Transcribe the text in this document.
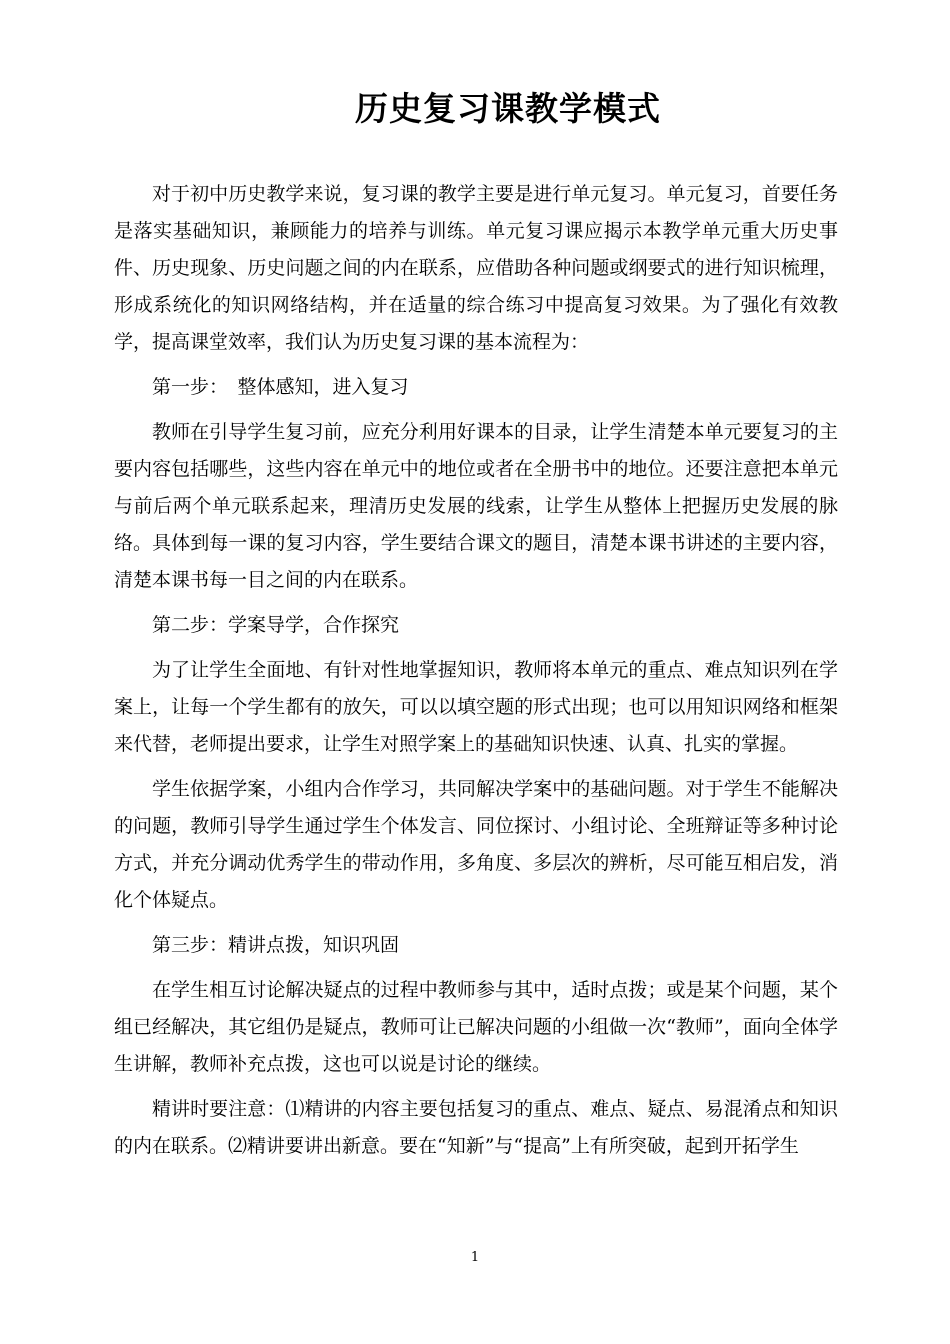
历史复习课教学模式

对于初中历史教学来说，复习课的教学主要是进行单元复习。单元复习，首要任务是落实基础知识，兼顾能力的培养与训练。单元复习课应揭示本教学单元重大历史事件、历史现象、历史问题之间的内在联系，应借助各种问题或纲要式的进行知识梳理，形成系统化的知识网络结构，并在适量的综合练习中提高复习效果。为了强化有效教学，提高课堂效率，我们认为历史复习课的基本流程为：

第一步：　整体感知，进入复习

教师在引导学生复习前，应充分利用好课本的目录，让学生清楚本单元要复习的主要内容包括哪些，这些内容在单元中的地位或者在全册书中的地位。还要注意把本单元与前后两个单元联系起来，理清历史发展的线索，让学生从整体上把握历史发展的脉络。具体到每一课的复习内容，学生要结合课文的题目，清楚本课书讲述的主要内容，清楚本课书每一目之间的内在联系。

第二步：学案导学，合作探究

为了让学生全面地、有针对性地掌握知识，教师将本单元的重点、难点知识列在学案上，让每一个学生都有的放矢，可以以填空题的形式出现；也可以用知识网络和框架来代替，老师提出要求，让学生对照学案上的基础知识快速、认真、扎实的掌握。

学生依据学案，小组内合作学习，共同解决学案中的基础问题。对于学生不能解决的问题，教师引导学生通过学生个体发言、同位探讨、小组讨论、全班辩证等多种讨论方式，并充分调动优秀学生的带动作用，多角度、多层次的辨析，尽可能互相启发，消化个体疑点。

第三步：精讲点拨，知识巩固

在学生相互讨论解决疑点的过程中教师参与其中，适时点拨；或是某个问题，某个组已经解决，其它组仍是疑点，教师可让已解决问题的小组做一次“教师”，面向全体学生讲解，教师补充点拨，这也可以说是讨论的继续。

精讲时要注意：⑴精讲的内容主要包括复习的重点、难点、疑点、易混淆点和知识的内在联系。⑵精讲要讲出新意。要在“知新”与“提高”上有所突破，起到开拓学生

1
